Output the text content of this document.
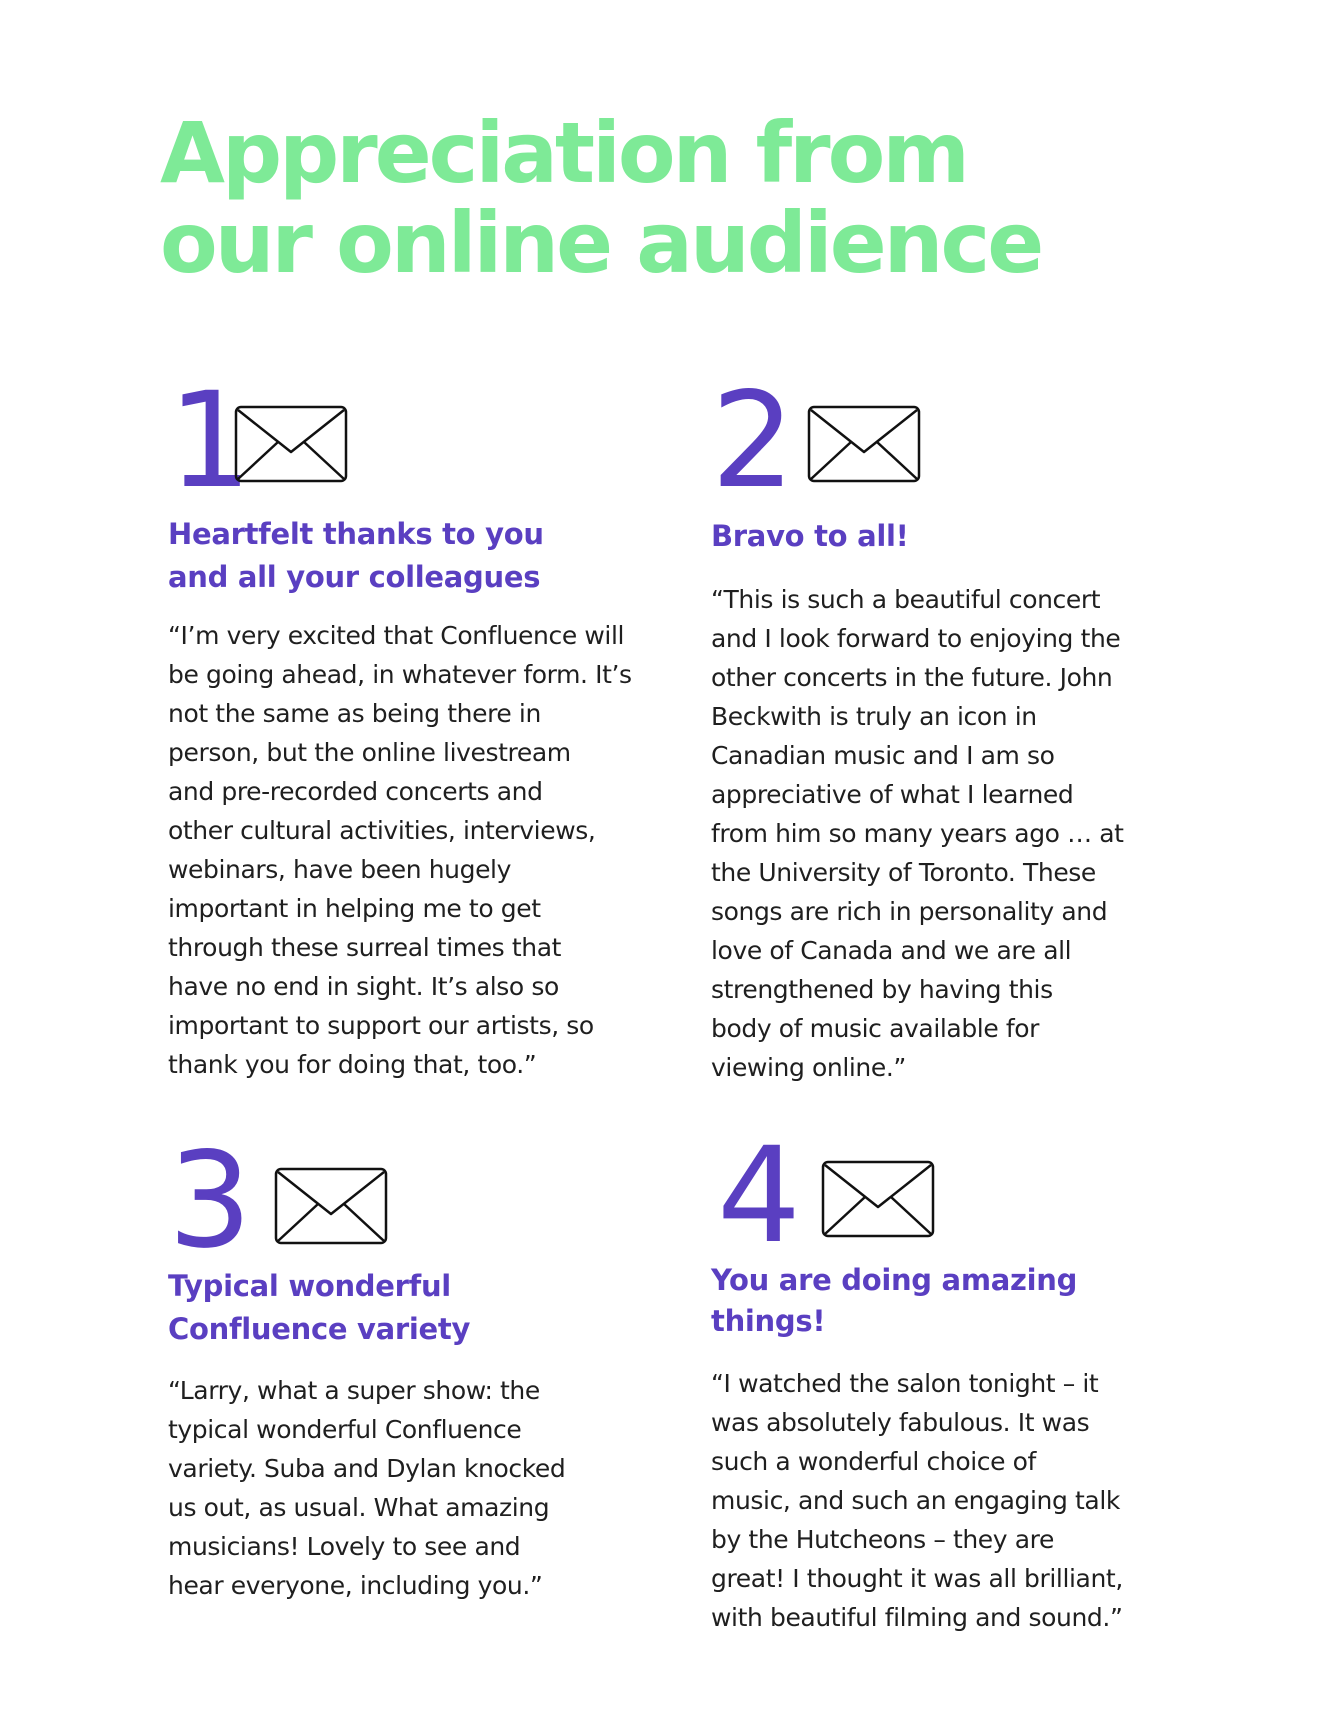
Appreciation from
our online audience
1
Heartfelt thanks to you
and all your colleagues

“I’m very excited that Confluence will
be going ahead, in whatever form. It’s
not the same as being there in
person, but the online livestream
and pre-recorded concerts and
other cultural activities, interviews,
webinars, have been hugely
important in helping me to get
through these surreal times that
have no end in sight. It’s also so
important to support our artists, so
thank you for doing that, too.”

2
Bravo to all!

“This is such a beautiful concert
and I look forward to enjoying the
other concerts in the future. John
Beckwith is truly an icon in
Canadian music and I am so
appreciative of what I learned
from him so many years ago … at
the University of Toronto. These
songs are rich in personality and
love of Canada and we are all
strengthened by having this
body of music available for
viewing online.”

3
Typical wonderful
Confluence variety

“Larry, what a super show: the
typical wonderful Confluence
variety. Suba and Dylan knocked
us out, as usual. What amazing
musicians! Lovely to see and
hear everyone, including you.”

4
You are doing amazing
things!

“I watched the salon tonight – it
was absolutely fabulous. It was
such a wonderful choice of
music, and such an engaging talk
by the Hutcheons – they are
great! I thought it was all brilliant,
with beautiful filming and sound.”
